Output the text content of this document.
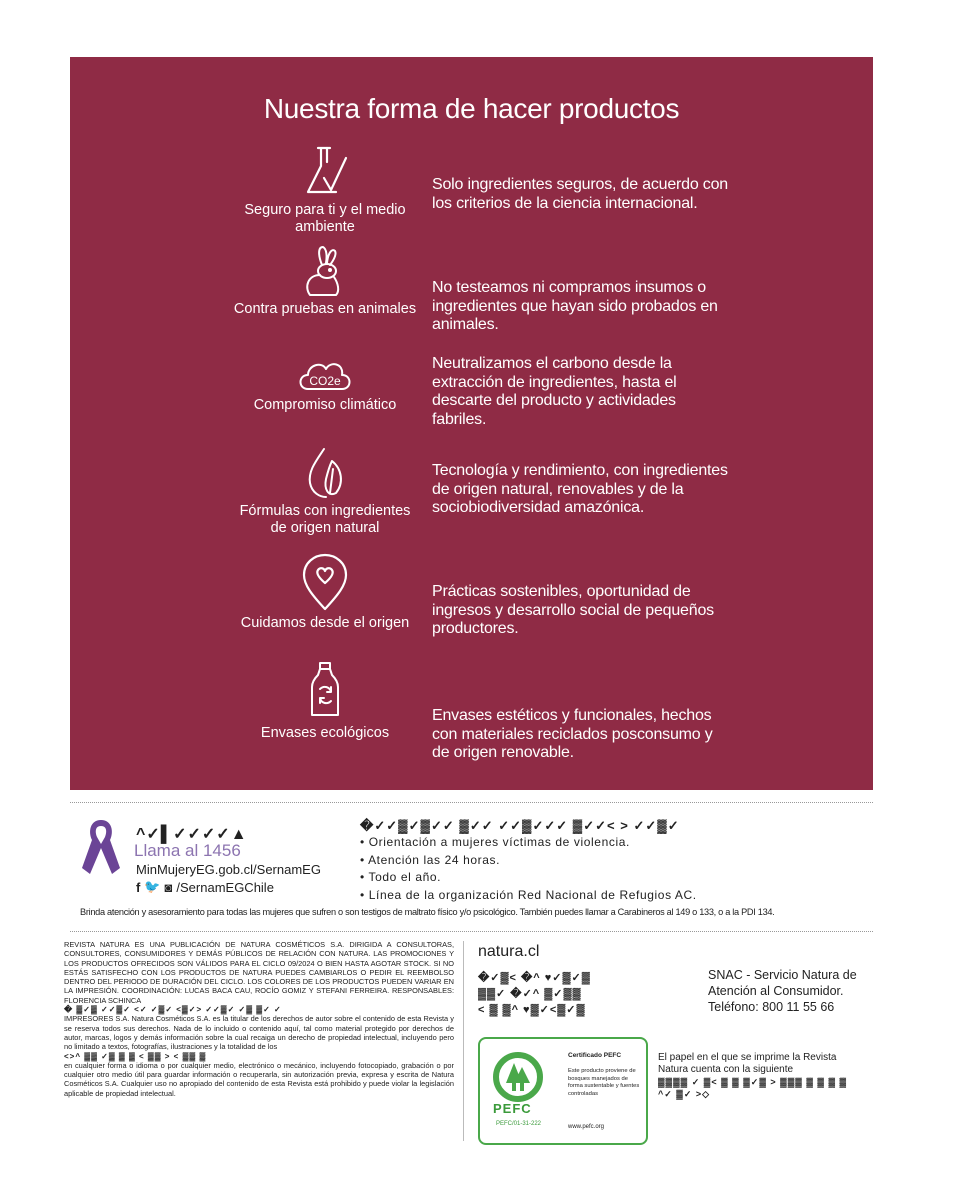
Nuestra forma de hacer productos
Seguro para ti y el medio ambiente
Solo ingredientes seguros, de acuerdo con los criterios de la ciencia internacional.
Contra pruebas en animales
No testeamos ni compramos insumos o ingredientes que hayan sido probados en animales.
CO2e
Compromiso climático
Neutralizamos el carbono desde la extracción de ingredientes, hasta el descarte del producto y actividades fabriles.
Fórmulas con ingredientes de origen natural
Tecnología y rendimiento, con ingredientes de origen natural, renovables y de la sociobiodiversidad amazónica.
Cuidamos desde el origen
Prácticas sostenibles, oportunidad de ingresos y desarrollo social de pequeños productores.
Envases ecológicos
Envases estéticos y funcionales, hechos con materiales reciclados posconsumo y de origen renovable.
^✓▌✓✓✓✓▲
Llama al 1456
MinMujeryEG.gob.cl/SernamEG
f 🐦 ◙ /SernamEGChile
�✓✓▓✓▓✓✓ ▓✓✓ ✓✓▓✓✓✓ ▓✓✓< > ✓✓▓✓
• Orientación a mujeres víctimas de violencia.
• Atención las 24 horas.
• Todo el año.
• Línea de la organización Red Nacional de Refugios AC.
Brinda atención y asesoramiento para todas las mujeres que sufren o son testigos de maltrato físico y/o psicológico. También puedes llamar a Carabineros al 149 o 133, o a la PDI 134.

REVISTA NATURA ES UNA PUBLICACIÓN DE NATURA COSMÉTICOS S.A. DIRIGIDA A CONSULTORAS, CONSULTORES, CONSUMIDORES Y DEMÁS PÚBLICOS DE RELACIÓN CON NATURA. LAS PROMOCIONES Y LOS PRODUCTOS OFRECIDOS SON VÁLIDOS PARA EL CICLO 09/2024 O BIEN HASTA AGOTAR STOCK. SI NO ESTÁS SATISFECHO CON LOS PRODUCTOS DE NATURA PUEDES CAMBIARLOS O PEDIR EL REEMBOLSO DENTRO DEL PERIODO DE DURACIÓN DEL CICLO. LOS COLORES DE LOS PRODUCTOS PUEDEN VARIAR EN LA IMPRESIÓN. COORDINACIÓN: LUCAS BACA CAU, ROCÍO GOMIZ Y STEFANI FERREIRA. RESPONSABLES: FLORENCIA SCHINCA

� ▓✓▓ ✓✓▓✓ <✓ ✓▓✓ <▓✓> ✓✓▓✓ ✓▓ ▓✓ ✓

IMPRESORES S.A. Natura Cosméticos S.A. es la titular de los derechos de autor sobre el contenido de esta Revista y se reserva todos sus derechos. Nada de lo incluido o contenido aquí, tal como material protegido por derechos de autor, marcas, logos y demás información sobre la cual recaiga un derecho de propiedad intelectual, incluyendo pero no limitado a textos, fotografías, ilustraciones y la totalidad de los

<>^ ▓▓ ✓▓ ▓ ▓ < ▓▓ > < ▓▓ ▓

en cualquier forma o idioma o por cualquier medio, electrónico o mecánico, incluyendo fotocopiado, grabación o por cualquier otro medio útil para guardar información o recuperarla, sin autorización previa, expresa y escrita de Natura Cosméticos S.A. Cualquier uso no apropiado del contenido de esta Revista está prohibido y puede violar la legislación aplicable de propiedad intelectual.

natura.cl
�✓▓< �^ ♥✓▓✓▓
▓▓✓ �✓^ ▓✓▓▓
< ▓ ▓^ ♥▓✓<▓✓▓
SNAC - Servicio Natura de Atención al Consumidor. Teléfono: 800 11 55 66
PEFC
PEFC/01-31-222
Certificado PEFC
Este producto proviene de bosques manejados de forma sustentable y fuentes controladas
www.pefc.org
El papel en el que se imprime la Revista Natura cuenta con la siguiente
▓▓▓▓ ✓ ▓< ▓ ▓ ▓✓▓ > ▓▓▓ ▓ ▓ ▓ ▓ ^✓ ▓✓ >◇
